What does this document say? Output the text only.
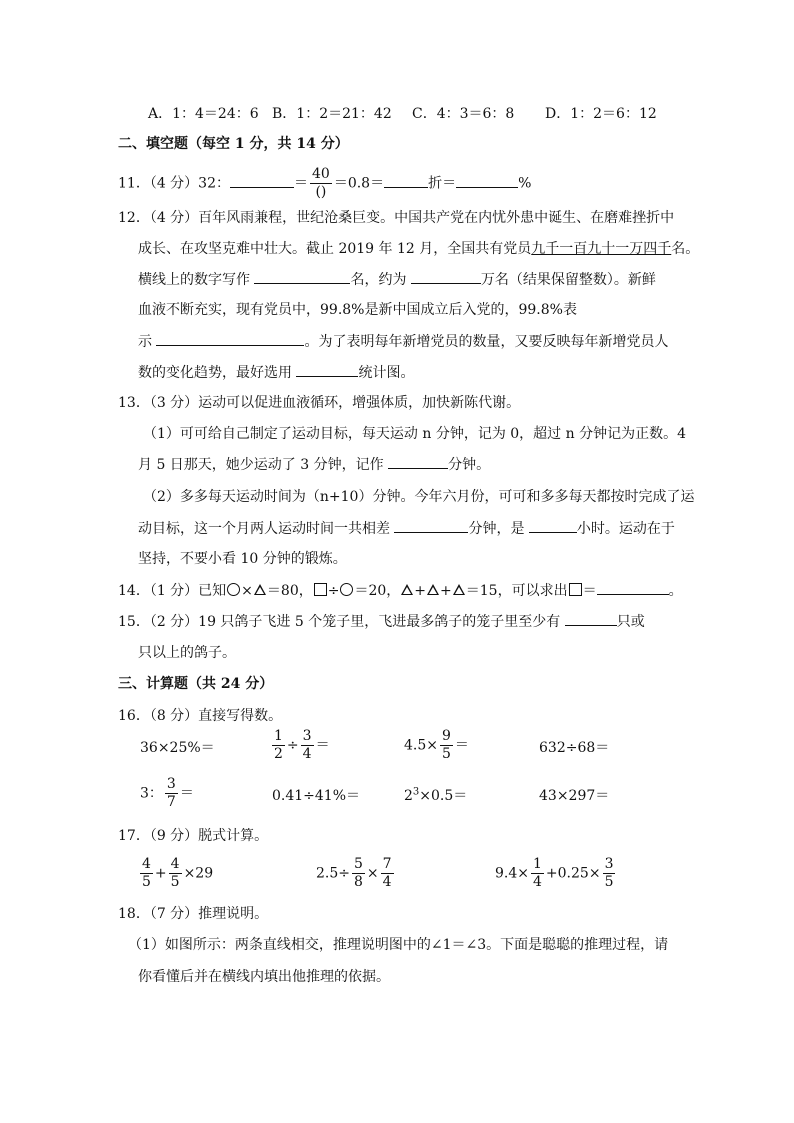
A．1：4＝24：6 B．1：2＝21：42 C．4：3＝6：8 D．1：2＝6：12
二、填空题（每空 1 分，共 14 分）
11．（4 分）32：	＝ $\frac{40}{()} =0.8=$	折＝	%
12．（4 分）百年风雨兼程，世纪沧桑巨变。中国共产党在内忧外患中诞生、在磨难挫折中
成长、在攻坚克难中壮大。截止 2019 年 12 月，全国共有党员九千一百九十一万四千名。
横线上的数字写作	名，约为	万名（结果保留整数）。新鲜
血液不断充实，现有党员中，99.8%是新中国成立后入党的，99.8%表
示	。为了表明每年新增党员的数量，又要反映每年新增党员人
数的变化趋势，最好选用	统计图。
13．（3 分）运动可以促进血液循环，增强体质，加快新陈代谢。
（1）可可给自己制定了运动目标，每天运动 n 分钟，记为 0，超过 n 分钟记为正数。4
月 5 日那天，她少运动了 3 分钟，记作	分钟。
（2）多多每天运动时间为（n+10）分钟。今年六月份，可可和多多每天都按时完成了运
动目标，这一个月两人运动时间一共相差	分钟，是	小时。运动在于
坚持，不要小看 10 分钟的锻炼。
14．（1 分）已知 × ＝80， ÷ ＝20， + + ＝15，可以求出 ＝	。
15．（2 分）19 只鸽子飞进 5 个笼子里，飞进最多鸽子的笼子里至少有	只或
只以上的鸽子。
三、计算题（共 24 分）
16．（8 分）直接写得数。
36×25%＝	$\frac{1}{2} \div \frac{3}{4}$ ＝	$4.5\times \frac{9}{5}$ ＝	632÷68＝
3： $\frac{3}{7}$ ＝	0.41÷41%＝	$2^3\times 0.5=$	43×297＝
17．（9 分）脱式计算。
$\frac{4}{5} + \frac{4}{5} \times 29$	$2.5\div \frac{5}{8} \times \frac{7}{4}$	$9.4\times \frac{1}{4} +0.25\times \frac{3}{5}$
18．（7 分）推理说明。
（1）如图所示：两条直线相交，推理说明图中的∠1＝∠3。下面是聪聪的推理过程，请
你看懂后并在横线内填出他推理的依据。
